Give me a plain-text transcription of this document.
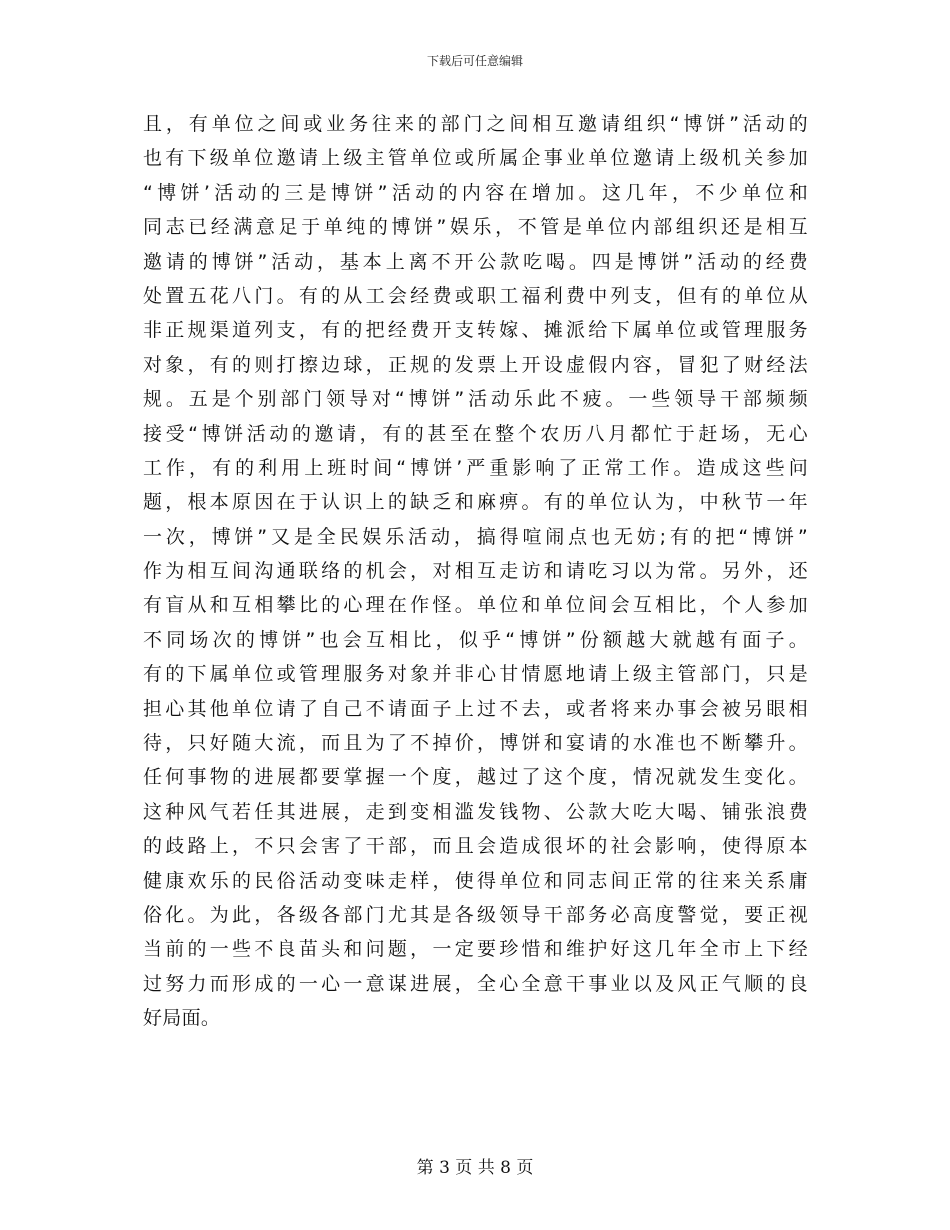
下载后可任意编辑
且，有单位之间或业务往来的部门之间相互邀请组织“博饼”活动的
也有下级单位邀请上级主管单位或所属企事业单位邀请上级机关参加
“博饼’活动的三是博饼”活动的内容在增加。这几年，不少单位和
同志已经满意足于单纯的博饼”娱乐，不管是单位内部组织还是相互
邀请的博饼”活动，基本上离不开公款吃喝。四是博饼”活动的经费
处置五花八门。有的从工会经费或职工福利费中列支，但有的单位从
非正规渠道列支，有的把经费开支转嫁、摊派给下属单位或管理服务
对象，有的则打擦边球，正规的发票上开设虚假内容，冒犯了财经法
规。五是个别部门领导对“博饼”活动乐此不疲。一些领导干部频频
接受“博饼活动的邀请，有的甚至在整个农历八月都忙于赶场，无心
工作，有的利用上班时间“博饼’严重影响了正常工作。造成这些问
题，根本原因在于认识上的缺乏和麻痹。有的单位认为，中秋节一年
一次，博饼”又是全民娱乐活动，搞得喧闹点也无妨;有的把“博饼”
作为相互间沟通联络的机会，对相互走访和请吃习以为常。另外，还
有盲从和互相攀比的心理在作怪。单位和单位间会互相比，个人参加
不同场次的博饼”也会互相比，似乎“博饼”份额越大就越有面子。
有的下属单位或管理服务对象并非心甘情愿地请上级主管部门，只是
担心其他单位请了自己不请面子上过不去，或者将来办事会被另眼相
待，只好随大流，而且为了不掉价，博饼和宴请的水准也不断攀升。
任何事物的进展都要掌握一个度，越过了这个度，情况就发生变化。
这种风气若任其进展，走到变相滥发钱物、公款大吃大喝、铺张浪费
的歧路上，不只会害了干部，而且会造成很坏的社会影响，使得原本
健康欢乐的民俗活动变味走样，使得单位和同志间正常的往来关系庸
俗化。为此，各级各部门尤其是各级领导干部务必高度警觉，要正视
当前的一些不良苗头和问题，一定要珍惜和维护好这几年全市上下经
过努力而形成的一心一意谋进展，全心全意干事业以及风正气顺的良
好局面。
第 3 页 共 8 页
